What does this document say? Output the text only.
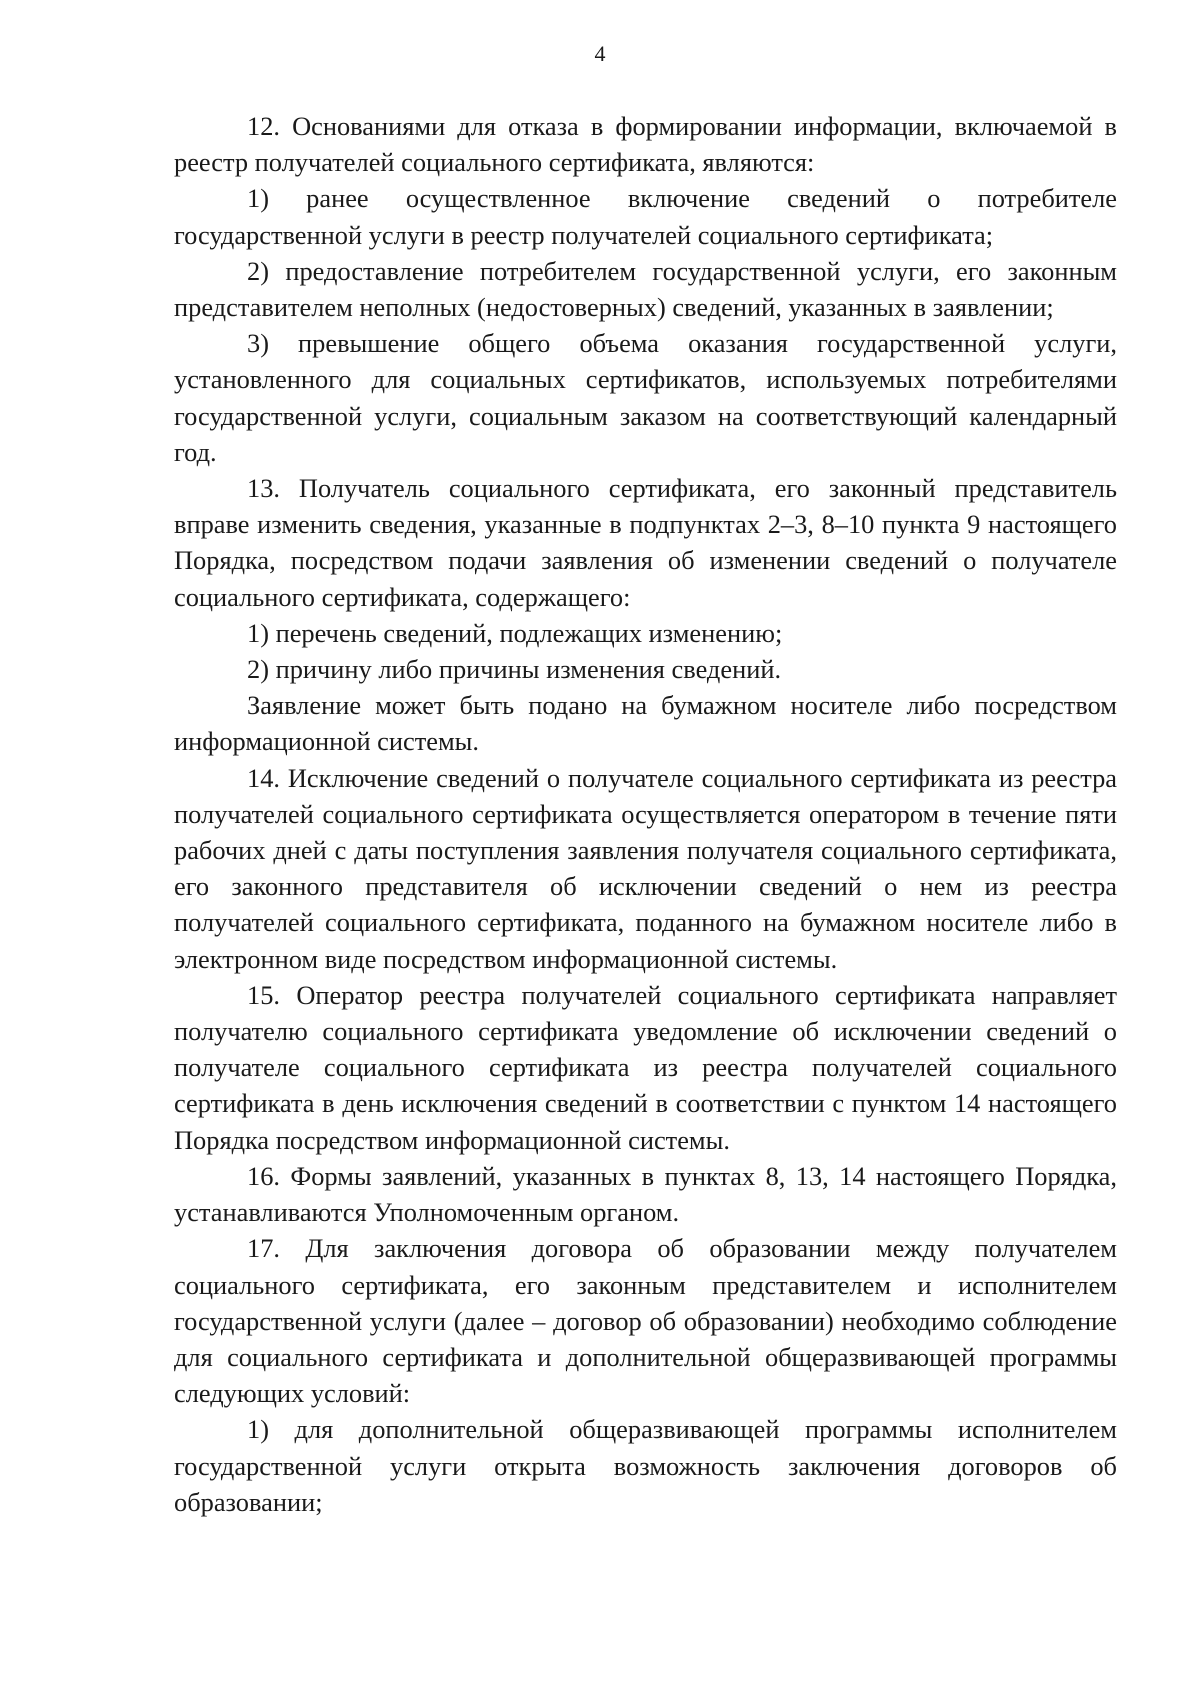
4

12. Основаниями для отказа в формировании информации, включаемой в реестр получателей социального сертификата, являются:

1) ранее осуществленное включение сведений о потребителе государственной услуги в реестр получателей социального сертификата;

2) предоставление потребителем государственной услуги, его законным представителем неполных (недостоверных) сведений, указанных в заявлении;

3) превышение общего объема оказания государственной услуги, установленного для социальных сертификатов, используемых потребителями государственной услуги, социальным заказом на соответствующий календарный год.

13. Получатель социального сертификата, его законный представитель вправе изменить сведения, указанные в подпунктах 2–3, 8–10 пункта 9 настоящего Порядка, посредством подачи заявления об изменении сведений о получателе социального сертификата, содержащего:

1) перечень сведений, подлежащих изменению;

2) причину либо причины изменения сведений.

Заявление может быть подано на бумажном носителе либо посредством информационной системы.

14. Исключение сведений о получателе социального сертификата из реестра получателей социального сертификата осуществляется оператором в течение пяти рабочих дней с даты поступления заявления получателя социального сертификата, его законного представителя об исключении сведений о нем из реестра получателей социального сертификата, поданного на бумажном носителе либо в электронном виде посредством информационной системы.

15. Оператор реестра получателей социального сертификата направляет получателю социального сертификата уведомление об исключении сведений о получателе социального сертификата из реестра получателей социального сертификата в день исключения сведений в соответствии с пунктом 14 настоящего Порядка посредством информационной системы.

16. Формы заявлений, указанных в пунктах 8, 13, 14 настоящего Порядка, устанавливаются Уполномоченным органом.

17. Для заключения договора об образовании между получателем социального сертификата, его законным представителем и исполнителем государственной услуги (далее – договор об образовании) необходимо соблюдение для социального сертификата и дополнительной общеразвивающей программы следующих условий:

1) для дополнительной общеразвивающей программы исполнителем государственной услуги открыта возможность заключения договоров об образовании;
